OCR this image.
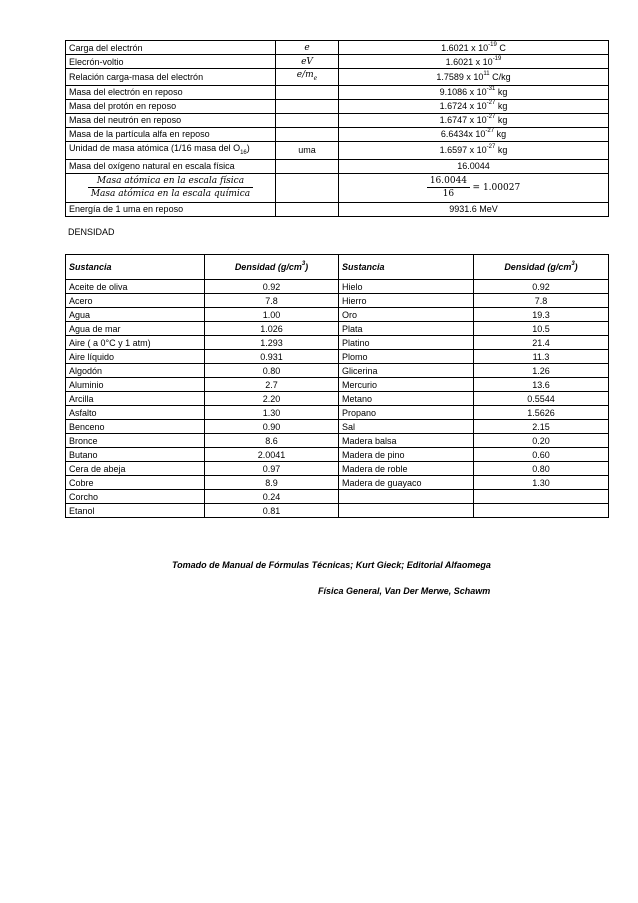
Carga del electrón	e	1.6021 x $10^{-19}$ C
Elecrón-voltio	eV	1.6021 x $10^{-19}$
Relación carga-masa del electrón	$e/m_e$	1.7589 x $10^{11}$ C/kg
Masa del electrón en reposo		9.1086 x $10^{-31}$ kg
Masa del protón en reposo		1.6724 x $10^{-27}$ kg
Masa del neutrón en reposo		1.6747 x $10^{-27}$ kg
Masa de la partícula alfa en reposo		6.6434x $10^{-27}$ kg
Unidad de masa atómica (1/16 masa del $O_{16}$)	uma	1.6597 x $10^{-27}$ kg
Masa del oxígeno natural en escala física		16.0044

$\frac{\text{Masa atómica en la escala física}}{\text{Masa atómica en la escala química}}$		$\frac{16.0044}{16} = 1.00027$
Energía de 1 uma en reposo		9931.6 MeV
DENSIDAD
Sustancia	Densidad $(g/cm^3)$	Sustancia	Densidad $(g/cm^3)$
Aceite de oliva	0.92	Hielo	0.92
Acero	7.8	Hierro	7.8
Agua	1.00	Oro	19.3
Agua de mar	1.026	Plata	10.5
Aire ( a 0°C y 1 atm)	1.293	Platino	21.4
Aire líquido	0.931	Plomo	11.3
Algodón	0.80	Glicerina	1.26
Aluminio	2.7	Mercurio	13.6
Arcilla	2.20	Metano	0.5544
Asfalto	1.30	Propano	1.5626
Benceno	0.90	Sal	2.15
Bronce	8.6	Madera balsa	0.20
Butano	2.0041	Madera de pino	0.60
Cera de abeja	0.97	Madera de roble	0.80
Cobre	8.9	Madera de guayaco	1.30
Corcho	0.24		
Etanol	0.81		
Tomado de Manual de Fórmulas Técnicas; Kurt Gieck; Editorial Alfaomega
Física General, Van Der Merwe, Schawm
